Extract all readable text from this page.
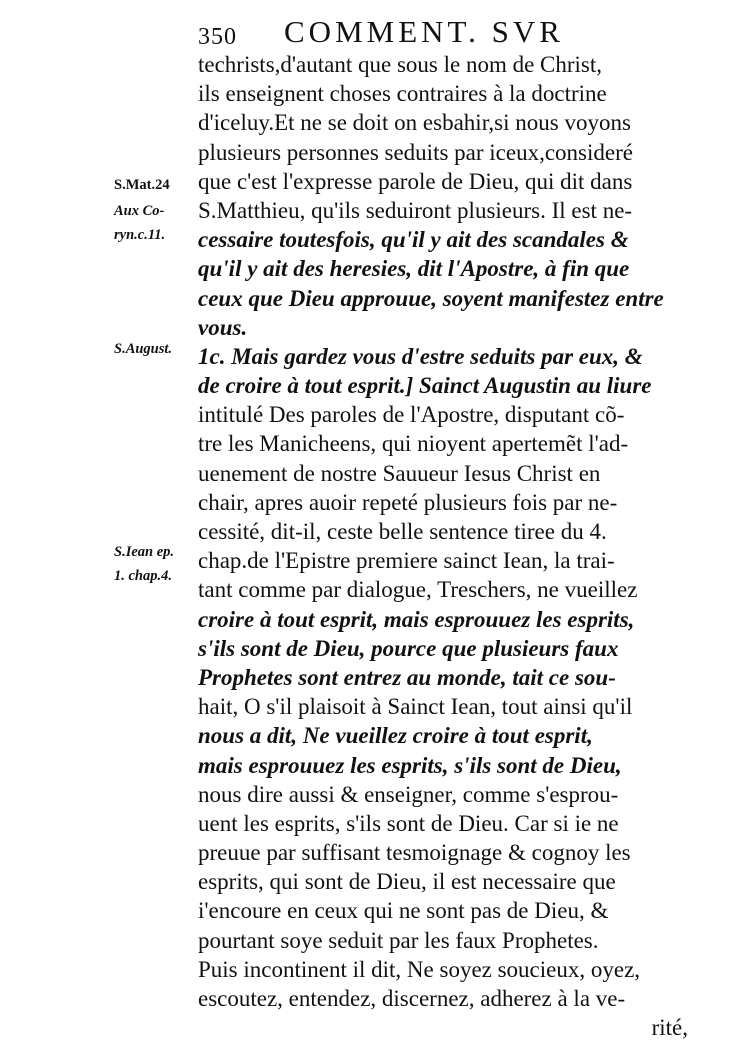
350 COMMENT. SVR
S.Mat.24
Aux Co-
ryn.c.11.
S.August.
S.Iean ep.
1. chap.4.
techrists,d'autant que sous le nom de Christ,
ils enseignent choses contraires à la doctrine
d'iceluy.Et ne se doit on esbahir,si nous voyons
plusieurs personnes seduits par iceux,consideré
que c'est l'expresse parole de Dieu, qui dit dans
S.Matthieu, qu'ils seduiront plusieurs. Il est ne-
cessaire toutesfois, qu'il y ait des scandales &
qu'il y ait des heresies, dit l'Apostre, à fin que
ceux que Dieu approuue, soyent manifestez entre
vous.
1c. Mais gardez vous d'estre seduits par eux, &
de croire à tout esprit.] Sainct Augustin au liure
intitulé Des paroles de l'Apostre, disputant cõ-
tre les Manicheens, qui nioyent apertemẽt l'ad-
uenement de nostre Sauueur Iesus Christ en
chair, apres auoir repeté plusieurs fois par ne-
cessité, dit-il, ceste belle sentence tiree du 4.
chap.de l'Epistre premiere sainct Iean, la trai-
tant comme par dialogue, Treschers, ne vueillez
croire à tout esprit, mais esprouuez les esprits,
s'ils sont de Dieu, pource que plusieurs faux
Prophetes sont entrez au monde, tait ce sou-
hait, O s'il plaisoit à Sainct Iean, tout ainsi qu'il
nous a dit, Ne vueillez croire à tout esprit,
mais esprouuez les esprits, s'ils sont de Dieu,
nous dire aussi & enseigner, comme s'esprou-
uent les esprits, s'ils sont de Dieu. Car si ie ne
preuue par suffisant tesmoignage & cognoy les
esprits, qui sont de Dieu, il est necessaire que
i'encoure en ceux qui ne sont pas de Dieu, &
pourtant soye seduit par les faux Prophetes.
Puis incontinent il dit, Ne soyez soucieux, oyez,
escoutez, entendez, discernez, adherez à la ve-
rité,
